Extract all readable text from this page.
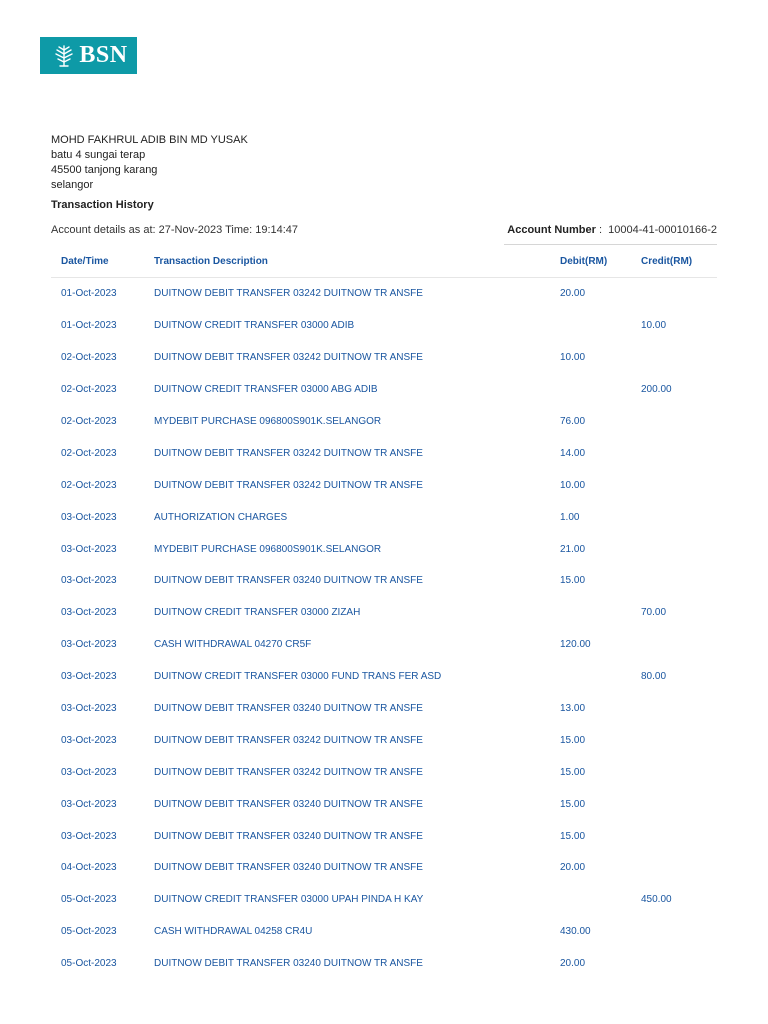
BSN
MOHD FAKHRUL ADIB BIN MD YUSAK
batu 4 sungai terap
45500 tanjong karang
selangor
Transaction History
Account details as at: 27-Nov-2023 Time: 19:14:47	Account Number :  10004-41-00010166-2
Date/Time	Transaction Description	Debit(RM)	Credit(RM)
01-Oct-2023	DUITNOW DEBIT TRANSFER 03242 DUITNOW TR ANSFE	20.00	
01-Oct-2023	DUITNOW CREDIT TRANSFER 03000 ADIB		10.00
02-Oct-2023	DUITNOW DEBIT TRANSFER 03242 DUITNOW TR ANSFE	10.00	
02-Oct-2023	DUITNOW CREDIT TRANSFER 03000 ABG ADIB		200.00
02-Oct-2023	MYDEBIT PURCHASE 096800S901K.SELANGOR	76.00	
02-Oct-2023	DUITNOW DEBIT TRANSFER 03242 DUITNOW TR ANSFE	14.00	
02-Oct-2023	DUITNOW DEBIT TRANSFER 03242 DUITNOW TR ANSFE	10.00	
03-Oct-2023	AUTHORIZATION CHARGES	1.00	
03-Oct-2023	MYDEBIT PURCHASE 096800S901K.SELANGOR	21.00	
03-Oct-2023	DUITNOW DEBIT TRANSFER 03240 DUITNOW TR ANSFE	15.00	
03-Oct-2023	DUITNOW CREDIT TRANSFER 03000 ZIZAH		70.00
03-Oct-2023	CASH WITHDRAWAL 04270 CR5F	120.00	
03-Oct-2023	DUITNOW CREDIT TRANSFER 03000 FUND TRANS FER ASD		80.00
03-Oct-2023	DUITNOW DEBIT TRANSFER 03240 DUITNOW TR ANSFE	13.00	
03-Oct-2023	DUITNOW DEBIT TRANSFER 03242 DUITNOW TR ANSFE	15.00	
03-Oct-2023	DUITNOW DEBIT TRANSFER 03242 DUITNOW TR ANSFE	15.00	
03-Oct-2023	DUITNOW DEBIT TRANSFER 03240 DUITNOW TR ANSFE	15.00	
03-Oct-2023	DUITNOW DEBIT TRANSFER 03240 DUITNOW TR ANSFE	15.00	
04-Oct-2023	DUITNOW DEBIT TRANSFER 03240 DUITNOW TR ANSFE	20.00	
05-Oct-2023	DUITNOW CREDIT TRANSFER 03000 UPAH PINDA H KAY		450.00
05-Oct-2023	CASH WITHDRAWAL 04258 CR4U	430.00	
05-Oct-2023	DUITNOW DEBIT TRANSFER 03240 DUITNOW TR ANSFE	20.00	
